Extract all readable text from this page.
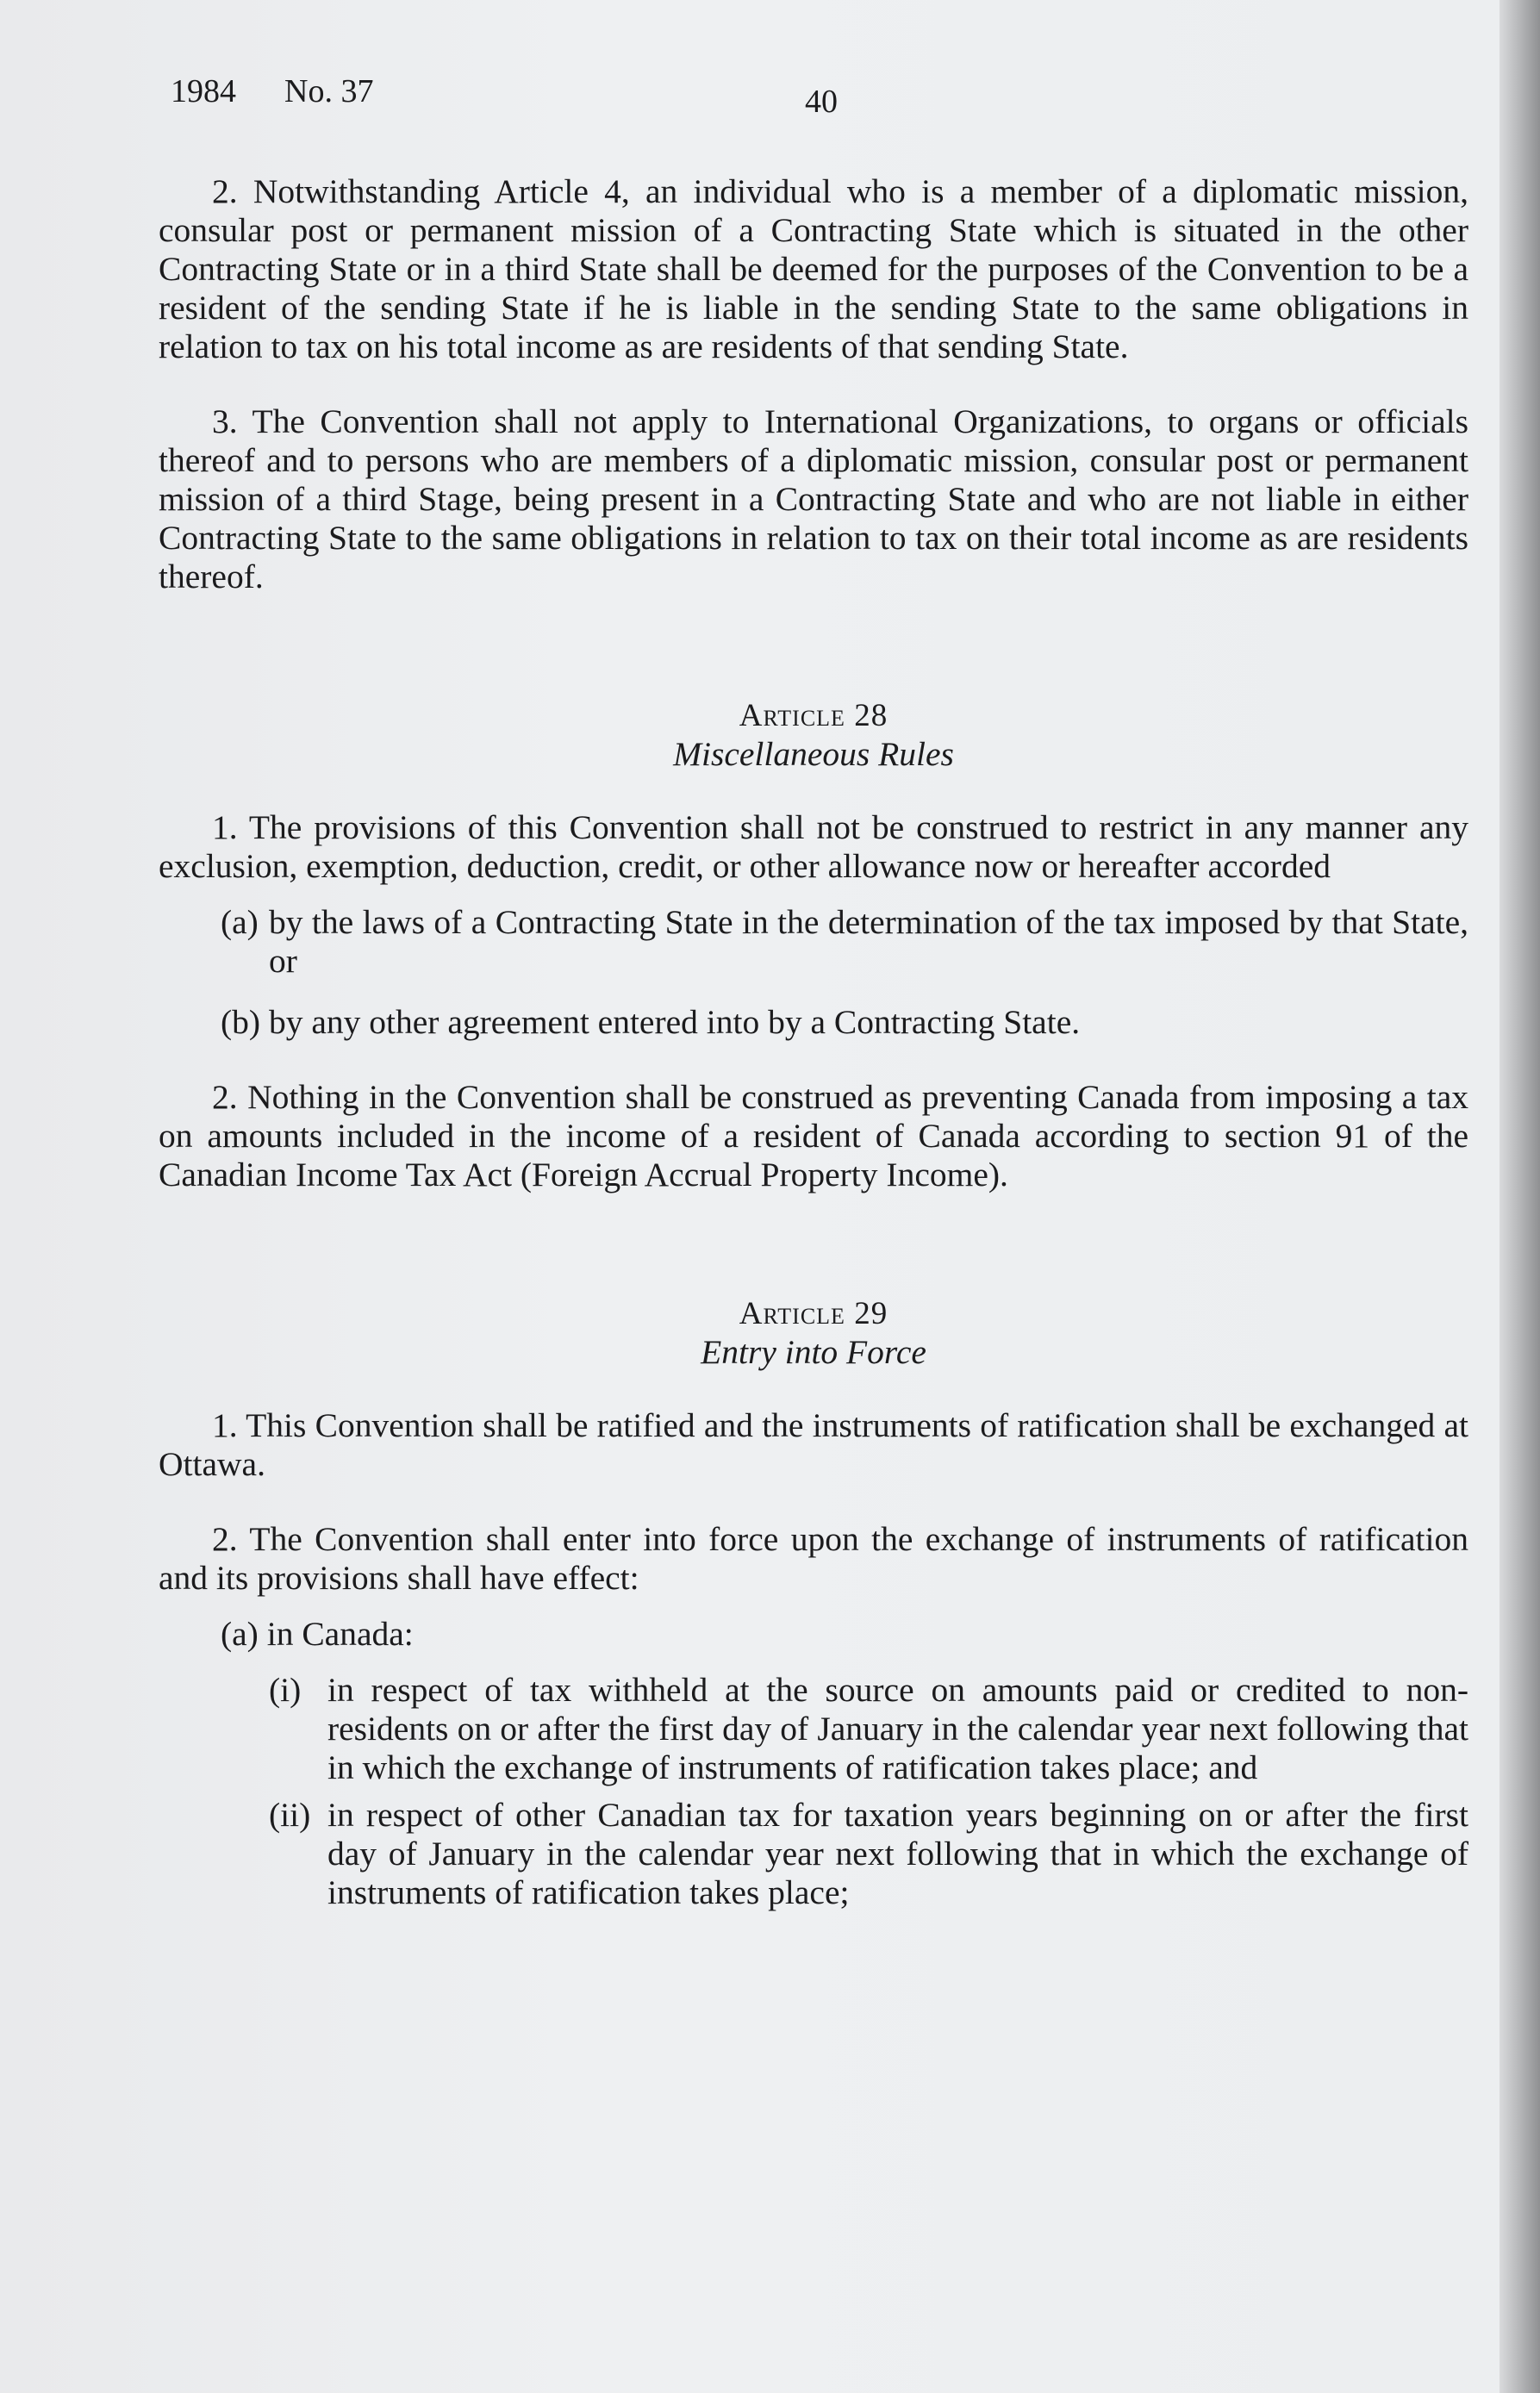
1984 No. 37	40

2. Notwithstanding Article 4, an individual who is a member of a diplomatic mission, consular post or permanent mission of a Contracting State which is situated in the other Contracting State or in a third State shall be deemed for the purposes of the Convention to be a resident of the sending State if he is liable in the sending State to the same obligations in relation to tax on his total income as are residents of that sending State.

3. The Convention shall not apply to International Organizations, to organs or officials thereof and to persons who are members of a diplomatic mission, consular post or permanent mission of a third Stage, being present in a Contracting State and who are not liable in either Contracting State to the same obligations in relation to tax on their total income as are residents thereof.

Article 28
Miscellaneous Rules

1. The provisions of this Convention shall not be construed to restrict in any manner any exclusion, exemption, deduction, credit, or other allowance now or hereafter accorded

(a) by the laws of a Contracting State in the determination of the tax imposed by that State, or
(b) by any other agreement entered into by a Contracting State.

2. Nothing in the Convention shall be construed as preventing Canada from imposing a tax on amounts included in the income of a resident of Canada according to section 91 of the Canadian Income Tax Act (Foreign Accrual Property Income).

Article 29
Entry into Force

1. This Convention shall be ratified and the instruments of ratification shall be exchanged at Ottawa.

2. The Convention shall enter into force upon the exchange of instruments of ratification and its provisions shall have effect:

(a) in Canada:
(i) in respect of tax withheld at the source on amounts paid or credited to non-residents on or after the first day of January in the calendar year next following that in which the exchange of instruments of ratification takes place; and
(ii) in respect of other Canadian tax for taxation years beginning on or after the first day of January in the calendar year next following that in which the exchange of instruments of ratification takes place;
